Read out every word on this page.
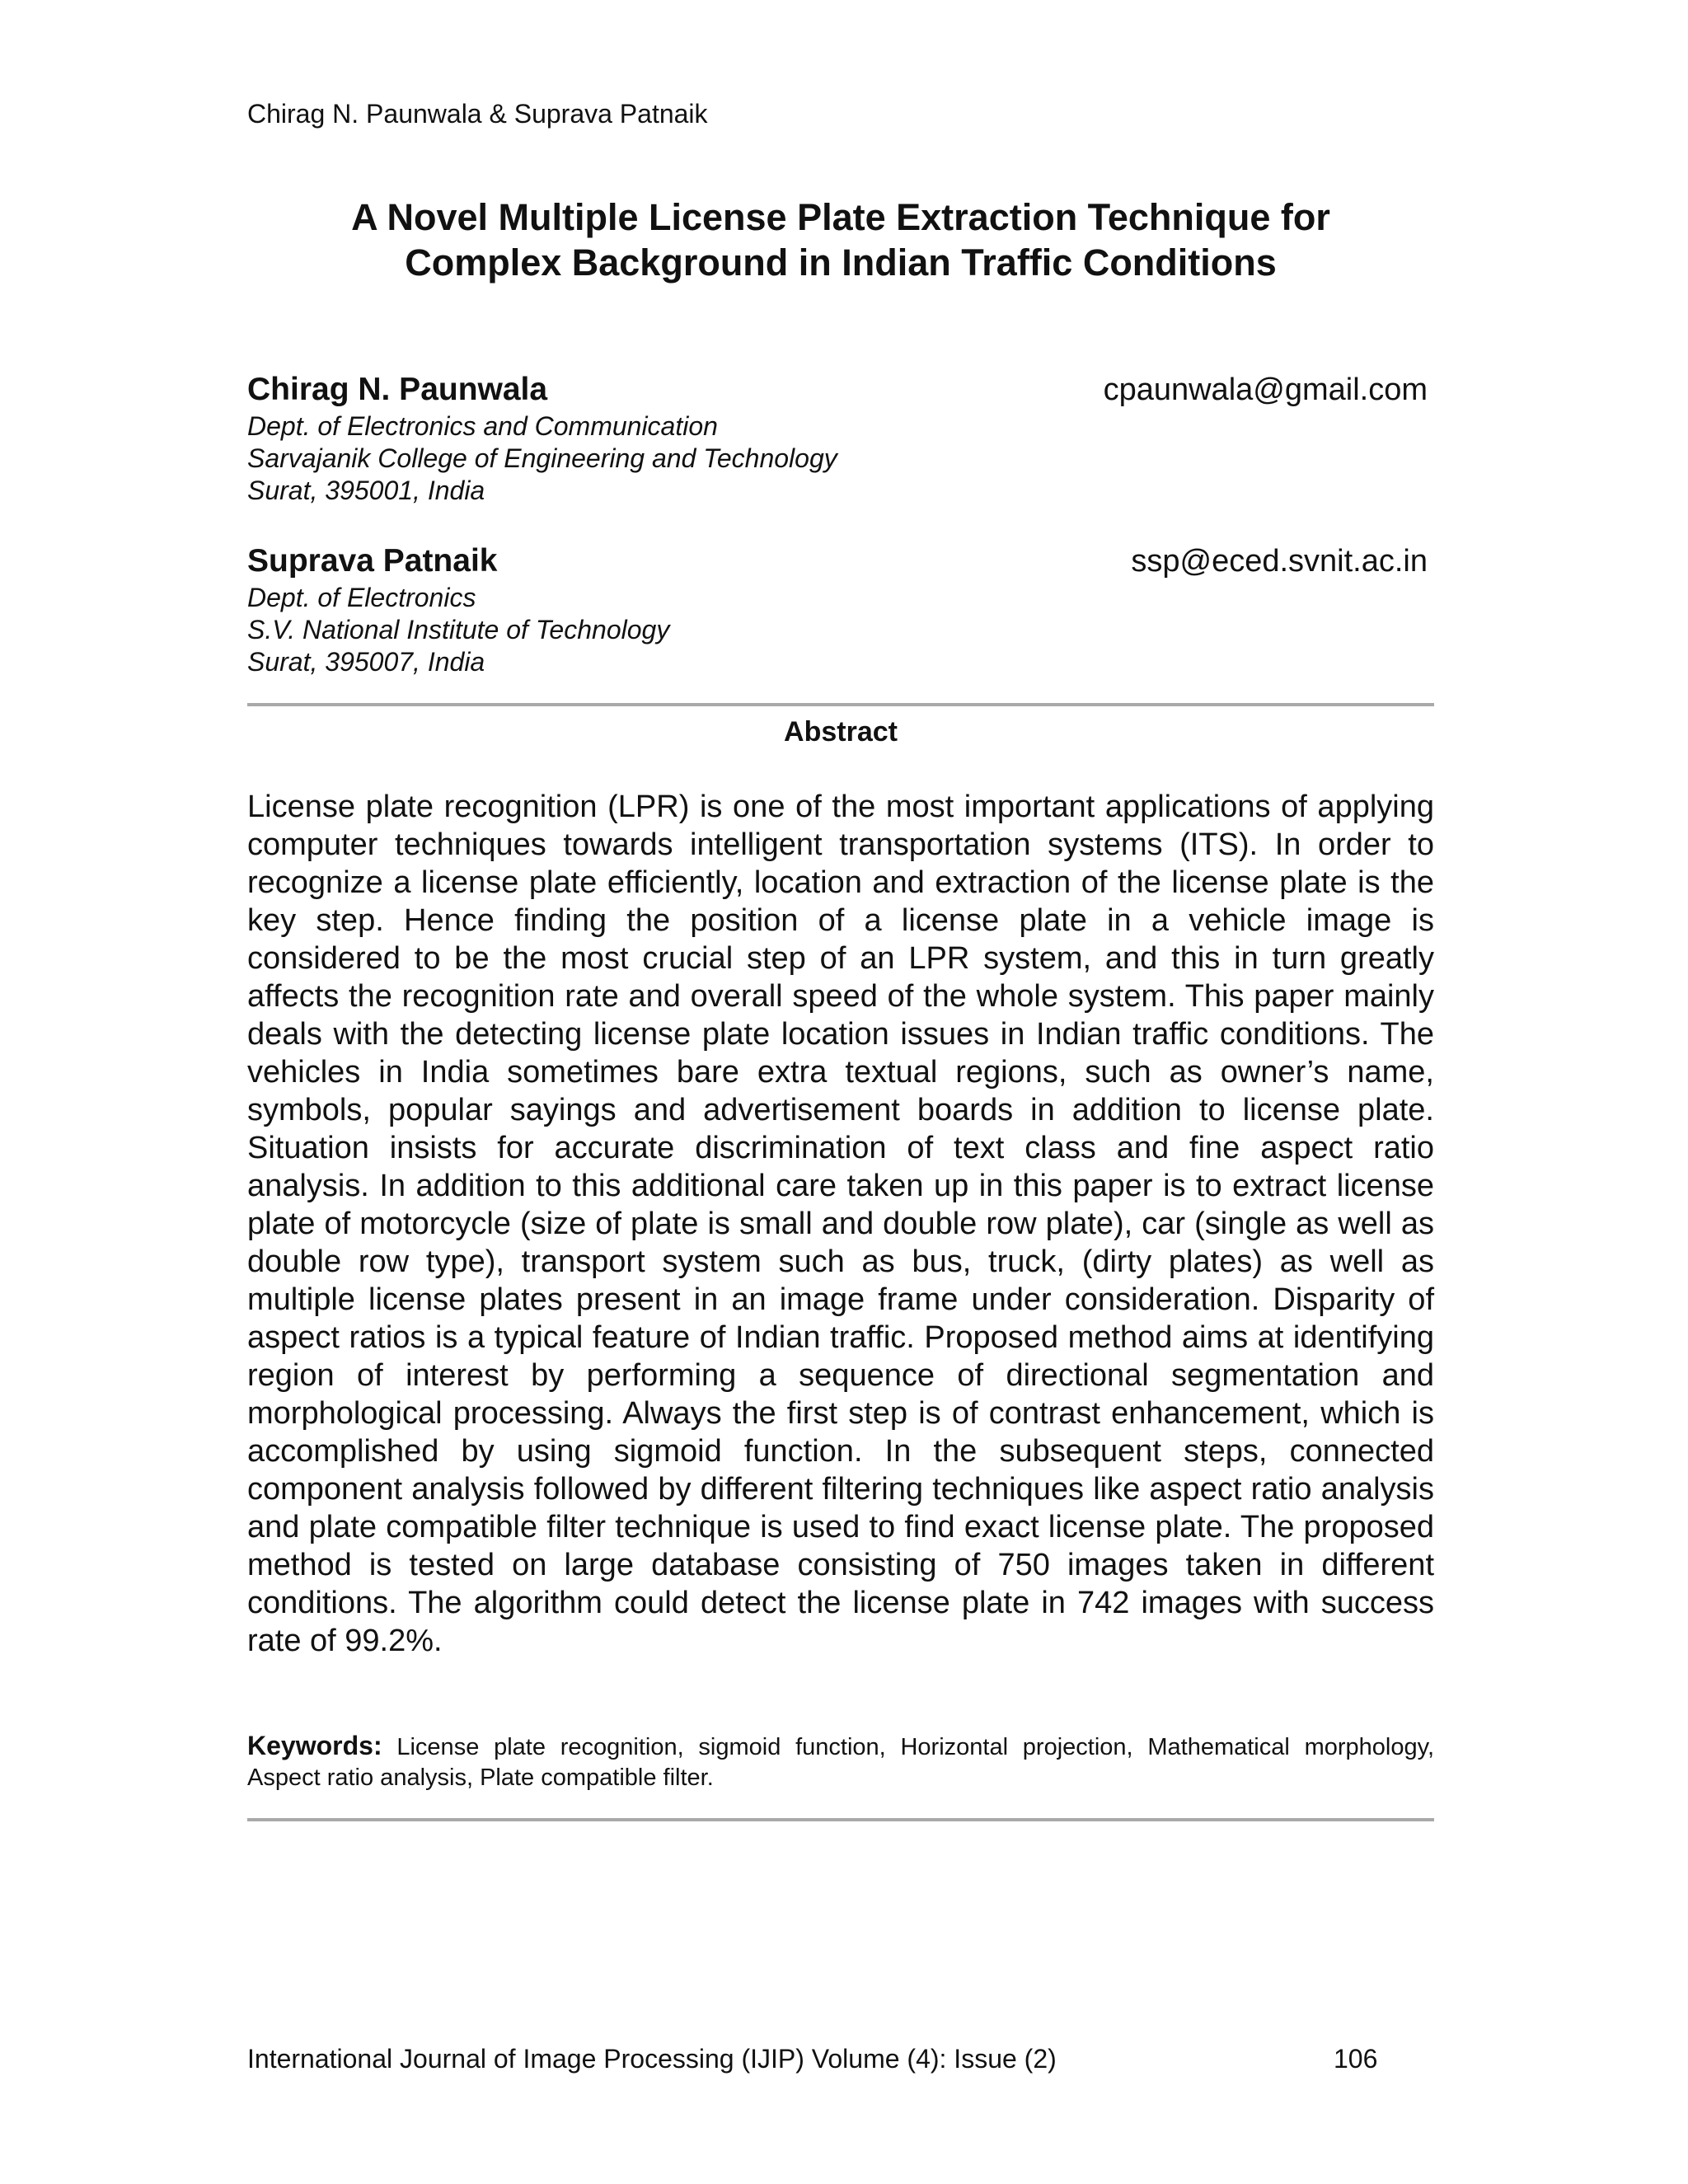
Chirag N. Paunwala & Suprava Patnaik
A Novel Multiple License Plate Extraction Technique for
Complex Background in Indian Traffic Conditions
Chirag N. Paunwala	cpaunwala@gmail.com
Dept. of Electronics and Communication
Sarvajanik College of Engineering and Technology
Surat, 395001, India
Suprava Patnaik	ssp@eced.svnit.ac.in
Dept. of Electronics
S.V. National Institute of Technology
Surat, 395007, India
Abstract

License plate recognition (LPR) is one of the most important applications of applying computer techniques towards intelligent transportation systems (ITS). In order to recognize a license plate efficiently, location and extraction of the license plate is the key step. Hence finding the position of a license plate in a vehicle image is considered to be the most crucial step of an LPR system, and this in turn greatly affects the recognition rate and overall speed of the whole system. This paper mainly deals with the detecting license plate location issues in Indian traffic conditions. The vehicles in India sometimes bare extra textual regions, such as owner’s name, symbols, popular sayings and advertisement boards in addition to license plate. Situation insists for accurate discrimination of text class and fine aspect ratio analysis. In addition to this additional care taken up in this paper is to extract license plate of motorcycle (size of plate is small and double row plate), car (single as well as double row type), transport system such as bus, truck, (dirty plates) as well as multiple license plates present in an image frame under consideration. Disparity of aspect ratios is a typical feature of Indian traffic. Proposed method aims at identifying region of interest by performing a sequence of directional segmentation and morphological processing. Always the first step is of contrast enhancement, which is accomplished by using sigmoid function. In the subsequent steps, connected component analysis followed by different filtering techniques like aspect ratio analysis and plate compatible filter technique is used to find exact license plate. The proposed method is tested on large database consisting of 750 images taken in different conditions. The algorithm could detect the license plate in 742 images with success rate of 99.2%.

Keywords: License plate recognition, sigmoid function, Horizontal projection, Mathematical morphology, Aspect ratio analysis, Plate compatible filter.

International Journal of Image Processing (IJIP) Volume (4): Issue (2)	106
